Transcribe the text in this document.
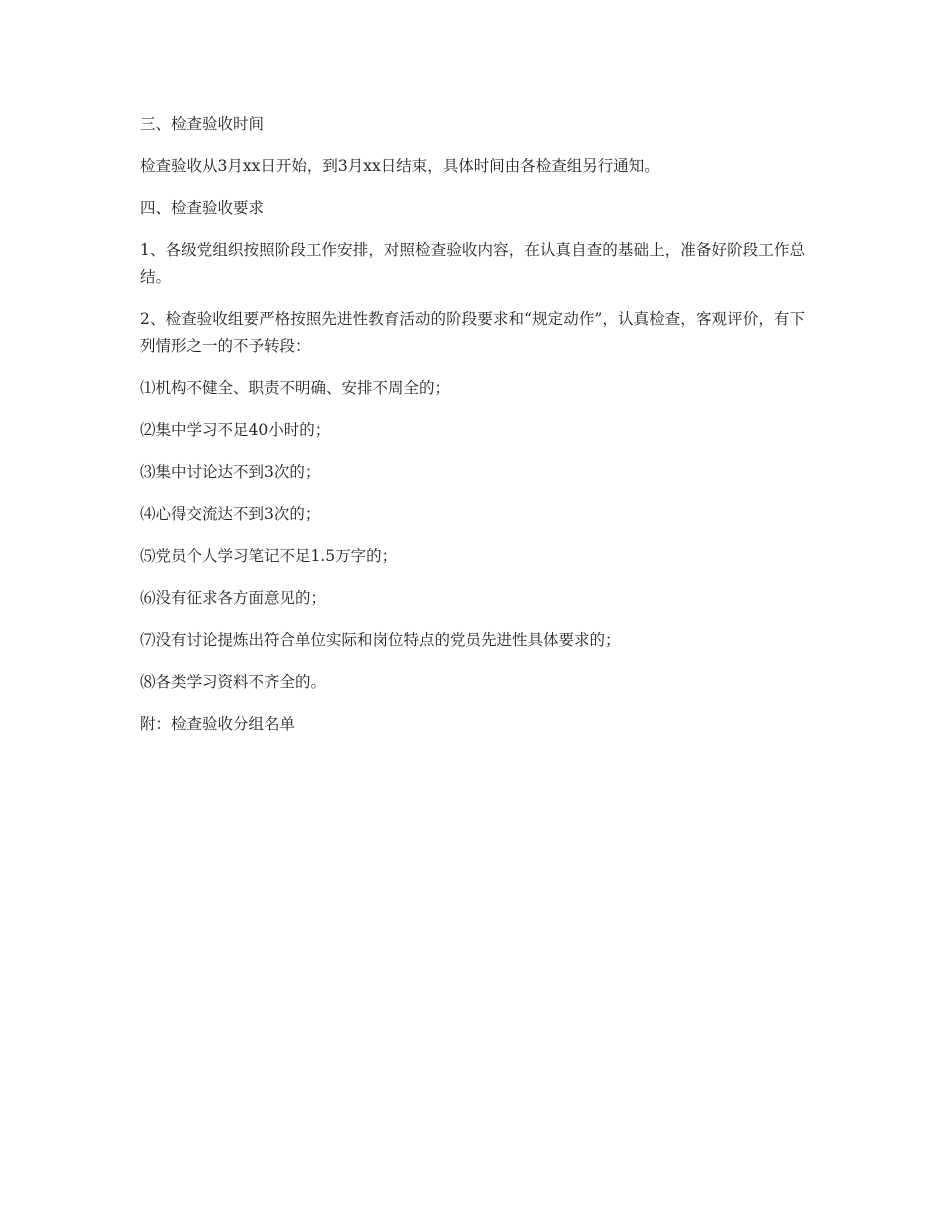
三、检查验收时间

检查验收从3月xx日开始，到3月xx日结束，具体时间由各检查组另行通知。

四、检查验收要求

1、各级党组织按照阶段工作安排，对照检查验收内容，在认真自查的基础上，准备好阶段工作总结。

2、检查验收组要严格按照先进性教育活动的阶段要求和“规定动作”，认真检查，客观评价，有下列情形之一的不予转段：

⑴机构不健全、职责不明确、安排不周全的；

⑵集中学习不足40小时的；

⑶集中讨论达不到3次的；

⑷心得交流达不到3次的；

⑸党员个人学习笔记不足1.5万字的；

⑹没有征求各方面意见的；

⑺没有讨论提炼出符合单位实际和岗位特点的党员先进性具体要求的；

⑻各类学习资料不齐全的。

附：检查验收分组名单
